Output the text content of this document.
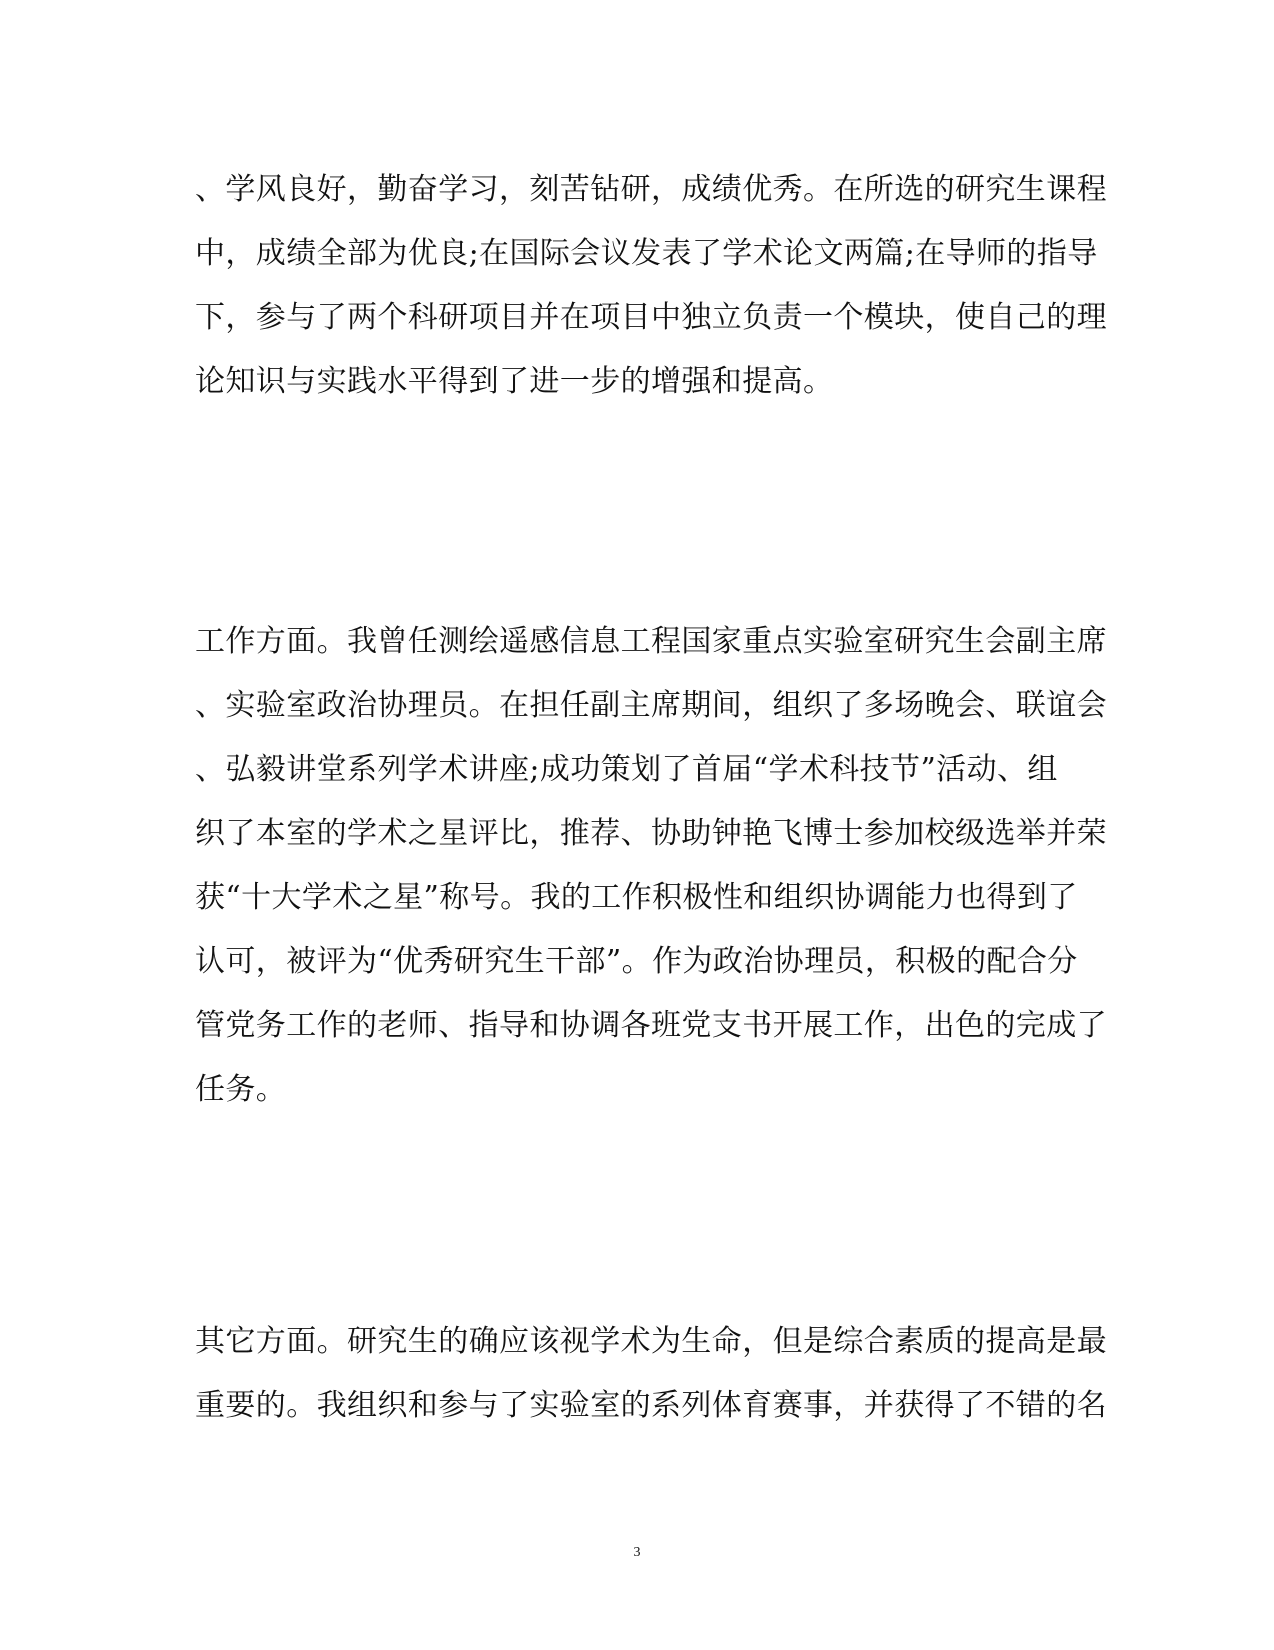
、学风良好，勤奋学习，刻苦钻研，成绩优秀。在所选的研究生课程
中，成绩全部为优良;在国际会议发表了学术论文两篇;在导师的指导
下，参与了两个科研项目并在项目中独立负责一个模块，使自己的理
论知识与实践水平得到了进一步的增强和提高。
工作方面。我曾任测绘遥感信息工程国家重点实验室研究生会副主席
、实验室政治协理员。在担任副主席期间，组织了多场晚会、联谊会
、弘毅讲堂系列学术讲座;成功策划了首届“学术科技节”活动、组
织了本室的学术之星评比，推荐、协助钟艳飞博士参加校级选举并荣
获“十大学术之星”称号。我的工作积极性和组织协调能力也得到了
认可，被评为“优秀研究生干部”。作为政治协理员，积极的配合分
管党务工作的老师、指导和协调各班党支书开展工作，出色的完成了
任务。
其它方面。研究生的确应该视学术为生命，但是综合素质的提高是最
重要的。我组织和参与了实验室的系列体育赛事，并获得了不错的名
3
